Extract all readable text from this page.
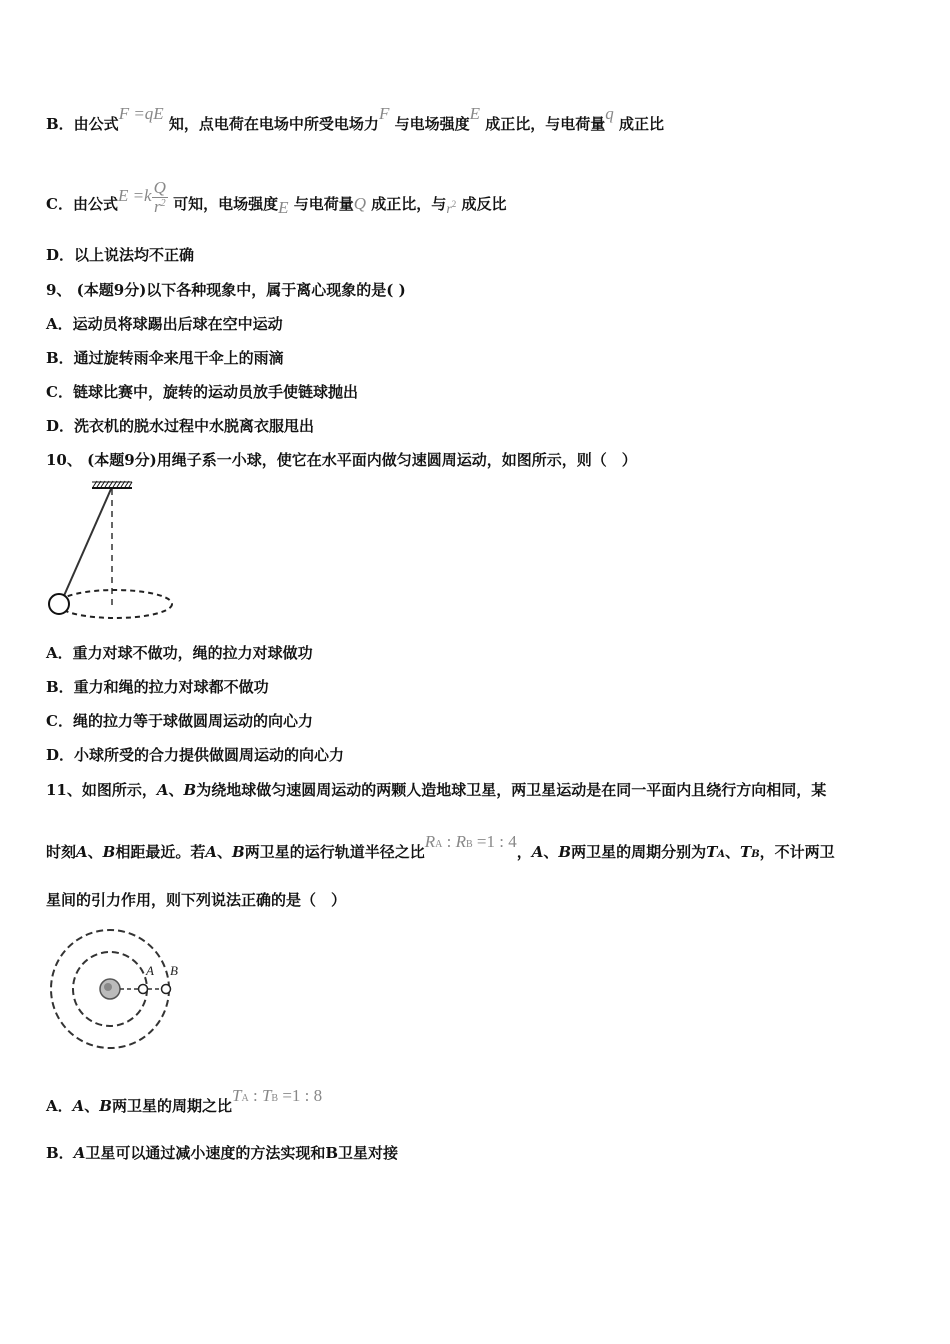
B．由公式F =qE 知，点电荷在电场中所受电场力F 与电场强度E 成正比，与电荷量q 成正比
C．由公式$E =k \frac{Q}{r^2}$ 可知，电场强度E 与电荷量Q 成正比，与r2 成反比
D．以上说法均不正确
9、 (本题9分)以下各种现象中，属于离心现象的是( )
A．运动员将球踢出后球在空中运动
B．通过旋转雨伞来甩干伞上的雨滴
C．链球比赛中，旋转的运动员放手使链球抛出
D．洗衣机的脱水过程中水脱离衣服甩出
10、 (本题9分)用绳子系一小球，使它在水平面内做匀速圆周运动，如图所示，则（　）
A．重力对球不做功，绳的拉力对球做功
B．重力和绳的拉力对球都不做功
C．绳的拉力等于球做圆周运动的向心力
D．小球所受的合力提供做圆周运动的向心力
11、如图所示，A、B为绕地球做匀速圆周运动的两颗人造地球卫星，两卫星运动是在同一平面内且绕行方向相同，某
时刻A、B相距最近。若A、B两卫星的运行轨道半径之比RA : RB =1 : 4，A、B两卫星的周期分别为TA、TB，不计两卫
星间的引力作用，则下列说法正确的是（　）
A B
A．A、B两卫星的周期之比TA : TB =1 : 8
B．A卫星可以通过减小速度的方法实现和B卫星对接
